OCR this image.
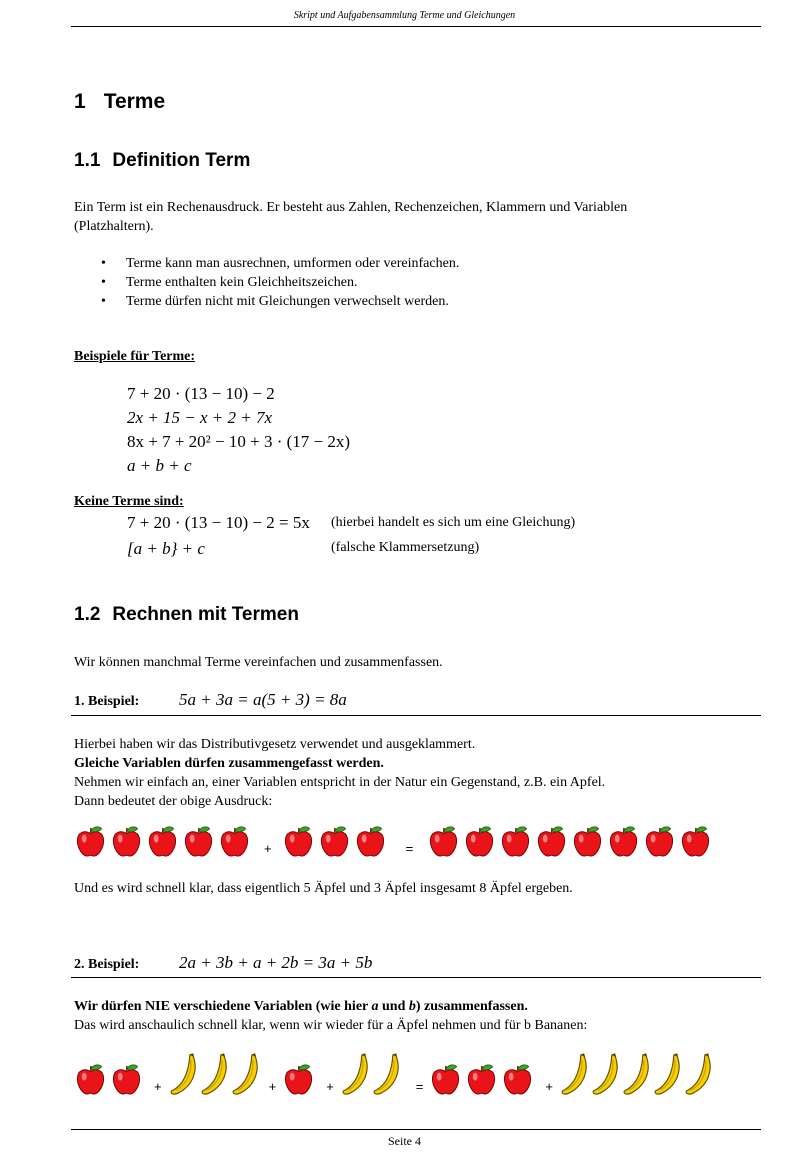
Skript und Aufgabensammlung Terme und Gleichungen
1 Terme
1.1 Definition Term
Ein Term ist ein Rechenausdruck. Er besteht aus Zahlen, Rechenzeichen, Klammern und Variablen
(Platzhaltern).
• Terme kann man ausrechnen, umformen oder vereinfachen.
• Terme enthalten kein Gleichheitszeichen.
• Terme dürfen nicht mit Gleichungen verwechselt werden.
Beispiele für Terme:
7 + 20 · (13 − 10) − 2
2x + 15 − x + 2 + 7x
8x + 7 + 20² − 10 + 3 · (17 − 2x)
a + b + c
Keine Terme sind:
7 + 20 · (13 − 10) − 2 = 5x (hierbei handelt es sich um eine Gleichung)
[a + b} + c	(falsche Klammersetzung)
1.2 Rechnen mit Termen
Wir können manchmal Terme vereinfachen und zusammenfassen.
1. Beispiel: 5a + 3a = a(5 + 3) = 8a
Hierbei haben wir das Distributivgesetz verwendet und ausgeklammert.
Gleiche Variablen dürfen zusammengefasst werden.
Nehmen wir einfach an, einer Variablen entspricht in der Natur ein Gegenstand, z.B. ein Apfel.
Dann bedeutet der obige Ausdruck:
+	=
Und es wird schnell klar, dass eigentlich 5 Äpfel und 3 Äpfel insgesamt 8 Äpfel ergeben.
2. Beispiel: 2a + 3b + a + 2b = 3a + 5b
Wir dürfen NIE verschiedene Variablen (wie hier a und b) zusammenfassen.
Das wird anschaulich schnell klar, wenn wir wieder für a Äpfel nehmen und für b Bananen:
+	+	+	=	+
Seite 4
